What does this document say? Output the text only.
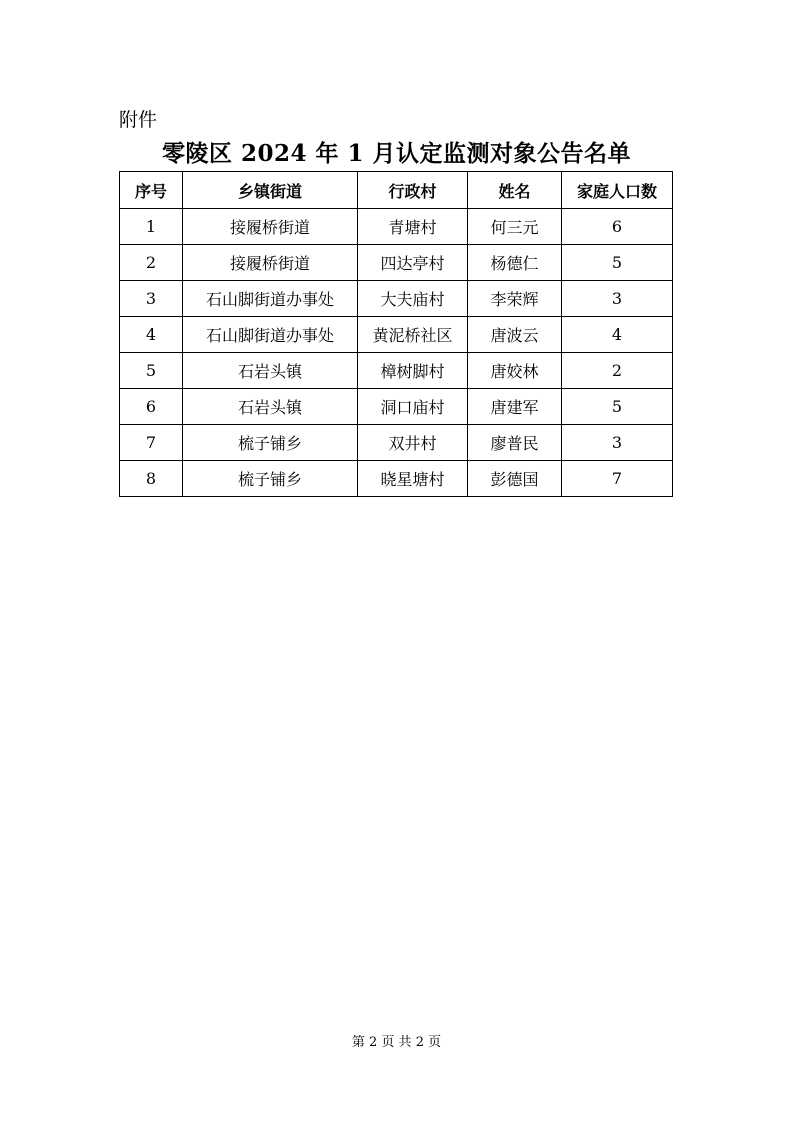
附件
零陵区 2024 年 1 月认定监测对象公告名单
序号	乡镇街道	行政村	姓名	家庭人口数
1	接履桥街道	青塘村	何三元	6
2	接履桥街道	四达亭村	杨德仁	5
3	石山脚街道办事处	大夫庙村	李荣辉	3
4	石山脚街道办事处	黄泥桥社区	唐波云	4
5	石岩头镇	樟树脚村	唐姣林	2
6	石岩头镇	洞口庙村	唐建军	5
7	梳子铺乡	双井村	廖普民	3
8	梳子铺乡	晓星塘村	彭德国	7
第 2 页 共 2 页
